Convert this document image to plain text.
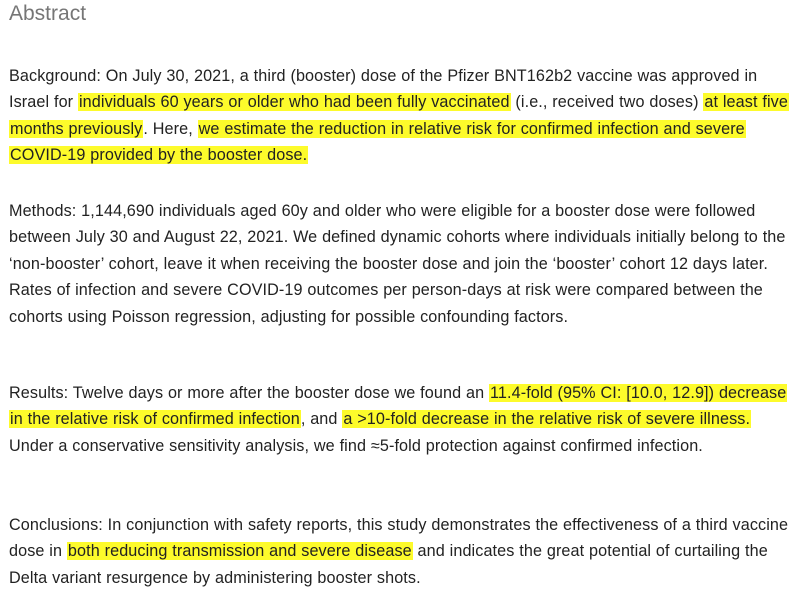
Abstract

Background: On July 30, 2021, a third (booster) dose of the Pfizer BNT162b2 vaccine was approved in Israel for individuals 60 years or older who had been fully vaccinated (i.e., received two doses) at least five months previously. Here, we estimate the reduction in relative risk for confirmed infection and severe COVID-19 provided by the booster dose.

Methods: 1,144,690 individuals aged 60y and older who were eligible for a booster dose were followed between July 30 and August 22, 2021. We defined dynamic cohorts where individuals initially belong to the ‘non-booster’ cohort, leave it when receiving the booster dose and join the ‘booster’ cohort 12 days later. Rates of infection and severe COVID-19 outcomes per person-days at risk were compared between the cohorts using Poisson regression, adjusting for possible confounding factors.

Results: Twelve days or more after the booster dose we found an 11.4-fold (95% CI: [10.0, 12.9]) decrease in the relative risk of confirmed infection, and a >10-fold decrease in the relative risk of severe illness. Under a conservative sensitivity analysis, we find ≈5-fold protection against confirmed infection.

Conclusions: In conjunction with safety reports, this study demonstrates the effectiveness of a third vaccine dose in both reducing transmission and severe disease and indicates the great potential of curtailing the Delta variant resurgence by administering booster shots.
